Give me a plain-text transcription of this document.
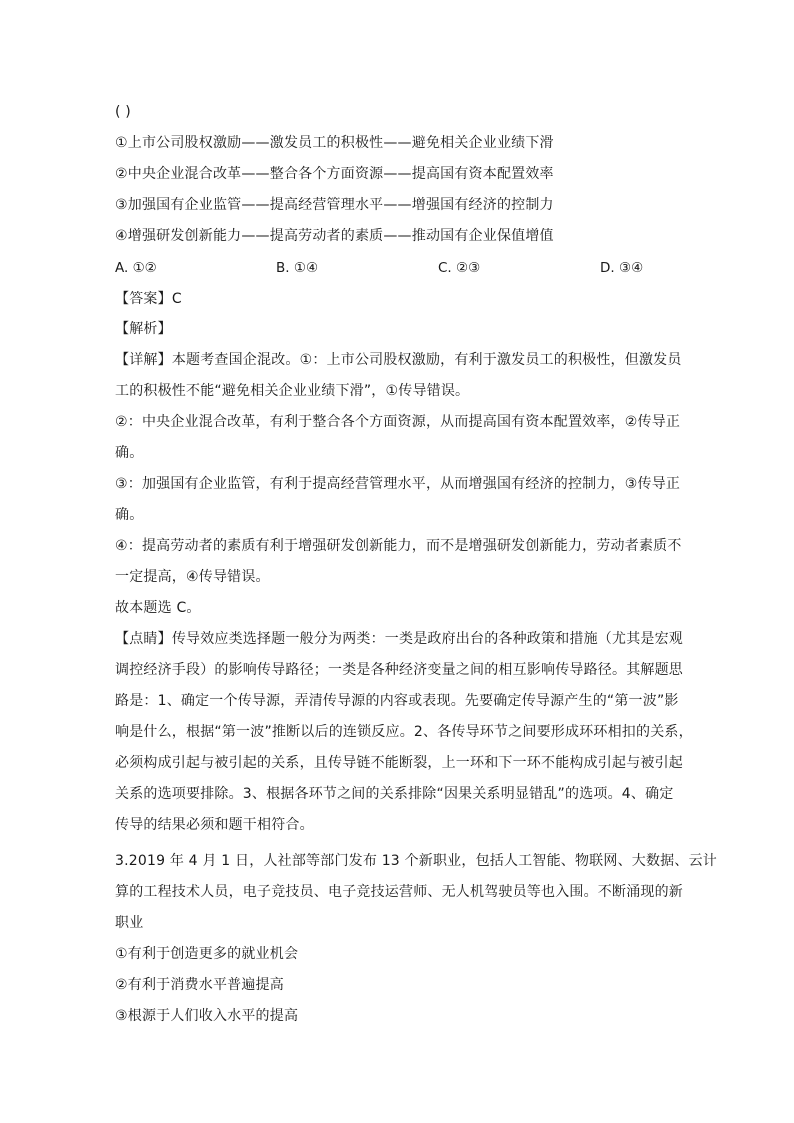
( )
①上市公司股权激励——激发员工的积极性——避免相关企业业绩下滑
②中央企业混合改革——整合各个方面资源——提高国有资本配置效率
③加强国有企业监管——提高经营管理水平——增强国有经济的控制力
④增强研发创新能力——提高劳动者的素质——推动国有企业保值增值
A. ①②	B. ①④	C. ②③	D. ③④
【答案】C
【解析】
【详解】本题考查国企混改。①：上市公司股权激励，有利于激发员工的积极性，但激发员
工的积极性不能“避免相关企业业绩下滑”，①传导错误。
②：中央企业混合改革，有利于整合各个方面资源，从而提高国有资本配置效率，②传导正
确。
③：加强国有企业监管，有利于提高经营管理水平，从而增强国有经济的控制力，③传导正
确。
④：提高劳动者的素质有利于增强研发创新能力，而不是增强研发创新能力，劳动者素质不
一定提高，④传导错误。
故本题选 C。
【点睛】传导效应类选择题一般分为两类：一类是政府出台的各种政策和措施（尤其是宏观
调控经济手段）的影响传导路径；一类是各种经济变量之间的相互影响传导路径。其解题思
路是：1、确定一个传导源，弄清传导源的内容或表现。先要确定传导源产生的“第一波”影
响是什么，根据“第一波”推断以后的连锁反应。2、各传导环节之间要形成环环相扣的关系，
必须构成引起与被引起的关系，且传导链不能断裂，上一环和下一环不能构成引起与被引起
关系的选项要排除。3、根据各环节之间的关系排除“因果关系明显错乱”的选项。4、确定
传导的结果必须和题干相符合。
3.2019 年 4 月 1 日，人社部等部门发布 13 个新职业，包括人工智能、物联网、大数据、云计
算的工程技术人员，电子竞技员、电子竞技运营师、无人机驾驶员等也入围。不断涌现的新
职业
①有利于创造更多的就业机会
②有利于消费水平普遍提高
③根源于人们收入水平的提高
